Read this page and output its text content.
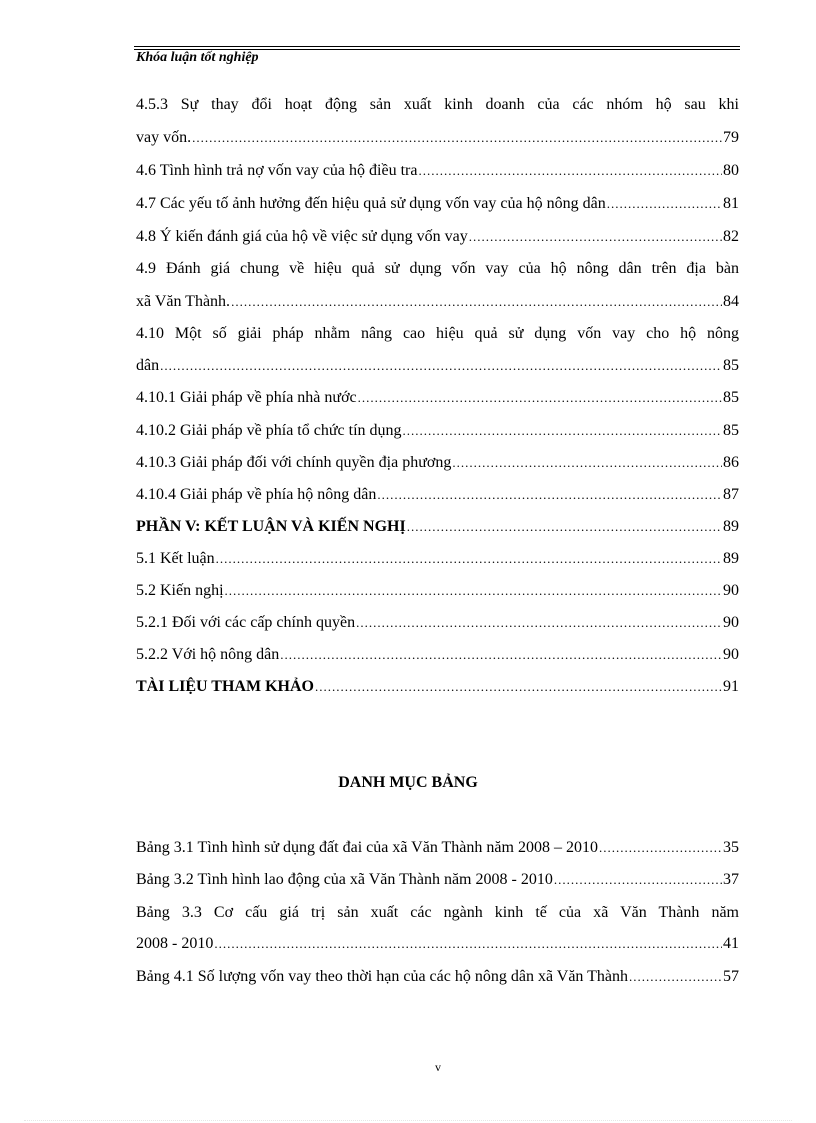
Khóa luận tốt nghiệp
4.5.3 Sự thay đổi hoạt động sản xuất kinh doanh của các nhóm hộ sau khi
vay vốn. .....	79
4.6 Tình hình trả nợ vốn vay của hộ điều tra .....	80
4.7 Các yếu tố ảnh hưởng đến hiệu quả sử dụng vốn vay của hộ nông dân .....	81
4.8 Ý kiến đánh giá của hộ về việc sử dụng vốn vay .....	82
4.9 Đánh giá chung về hiệu quả sử dụng vốn vay của hộ nông dân trên địa bàn
xã Văn Thành. .....	84
4.10 Một số giải pháp nhằm nâng cao hiệu quả sử dụng vốn vay cho hộ nông
dân .....	85
4.10.1 Giải pháp về phía nhà nước .....	85
4.10.2 Giải pháp về phía tổ chức tín dụng .....	85
4.10.3 Giải pháp đối với chính quyền địa phương .....	86
4.10.4 Giải pháp về phía hộ nông dân .....	87
PHẦN V: KẾT LUẬN VÀ KIẾN NGHỊ .....	89
5.1 Kết luận .....	89
5.2 Kiến nghị .....	90
5.2.1 Đối với các cấp chính quyền .....	90
5.2.2 Với hộ nông dân .....	90
TÀI LIỆU THAM KHẢO .....	91
DANH MỤC BẢNG
Bảng 3.1 Tình hình sử dụng đất đai của xã Văn Thành năm 2008 – 2010 .....	35
Bảng 3.2 Tình hình lao động của xã Văn Thành năm 2008 - 2010 .....	37
Bảng 3.3 Cơ cấu giá trị sản xuất các ngành kinh tế của xã Văn Thành năm
2008 - 2010 .....	41
Bảng 4.1 Số lượng vốn vay theo thời hạn của các hộ nông dân xã Văn Thành .....	57
v
